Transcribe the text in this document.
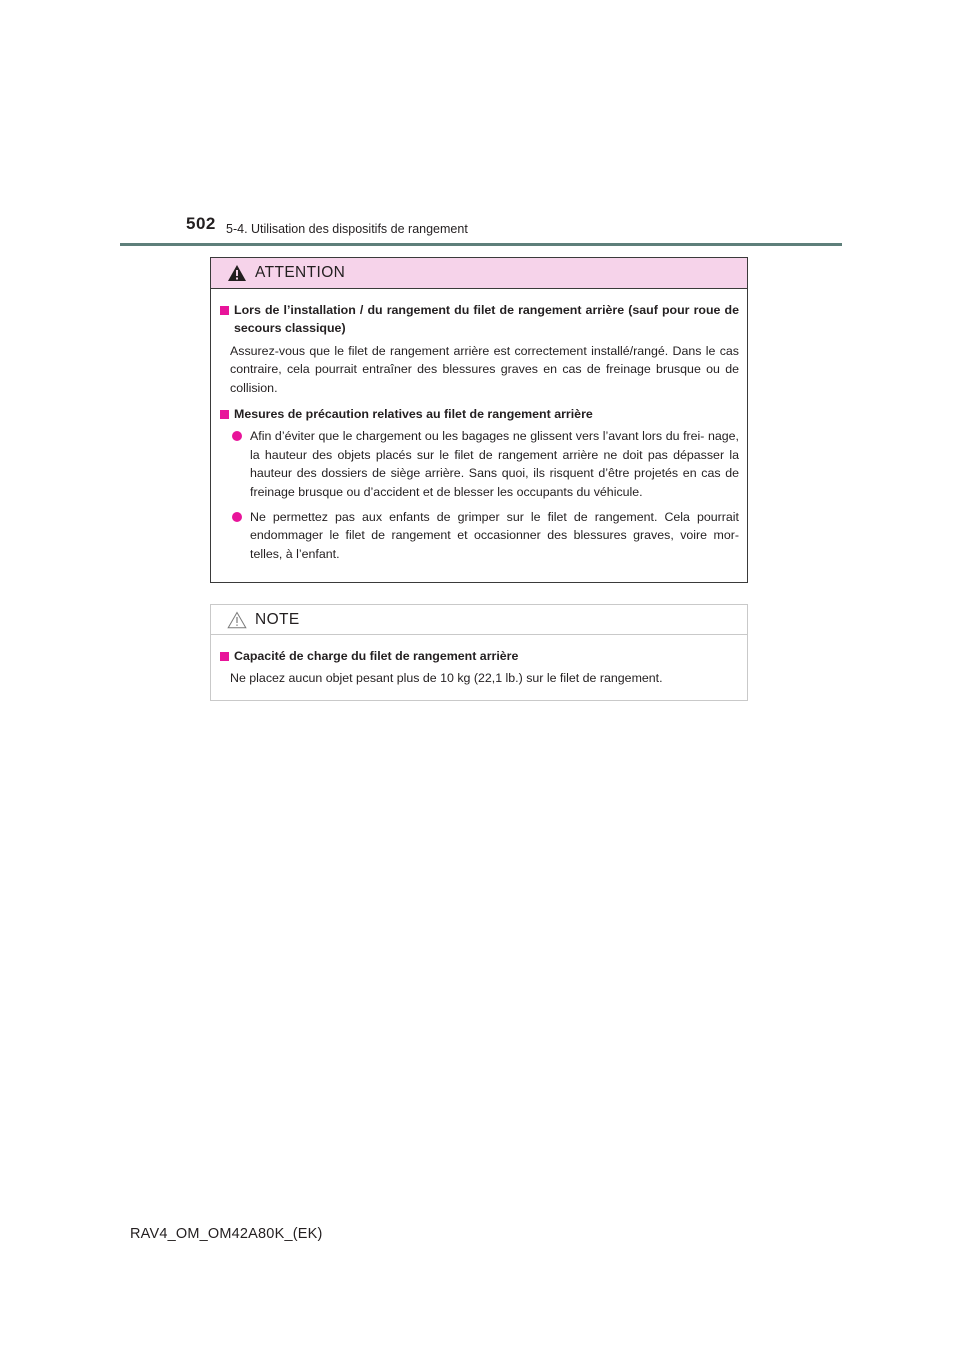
502 5-4. Utilisation des dispositifs de rangement
ATTENTION
Lors de l’installation / du rangement du filet de rangement arrière (sauf pour roue de secours classique)
Assurez-vous que le filet de rangement arrière est correctement installé/rangé. Dans le cas contraire, cela pourrait entraîner des blessures graves en cas de freinage brusque ou de collision.
Mesures de précaution relatives au filet de rangement arrière
Afin d’éviter que le chargement ou les bagages ne glissent vers l’avant lors du frei- nage, la hauteur des objets placés sur le filet de rangement arrière ne doit pas dépasser la hauteur des dossiers de siège arrière. Sans quoi, ils risquent d’être projetés en cas de freinage brusque ou d’accident et de blesser les occupants du véhicule.
Ne permettez pas aux enfants de grimper sur le filet de rangement. Cela pourrait endommager le filet de rangement et occasionner des blessures graves, voire mor- telles, à l’enfant.
NOTE
Capacité de charge du filet de rangement arrière
Ne placez aucun objet pesant plus de 10 kg (22,1 lb.) sur le filet de rangement.
RAV4_OM_OM42A80K_(EK)
